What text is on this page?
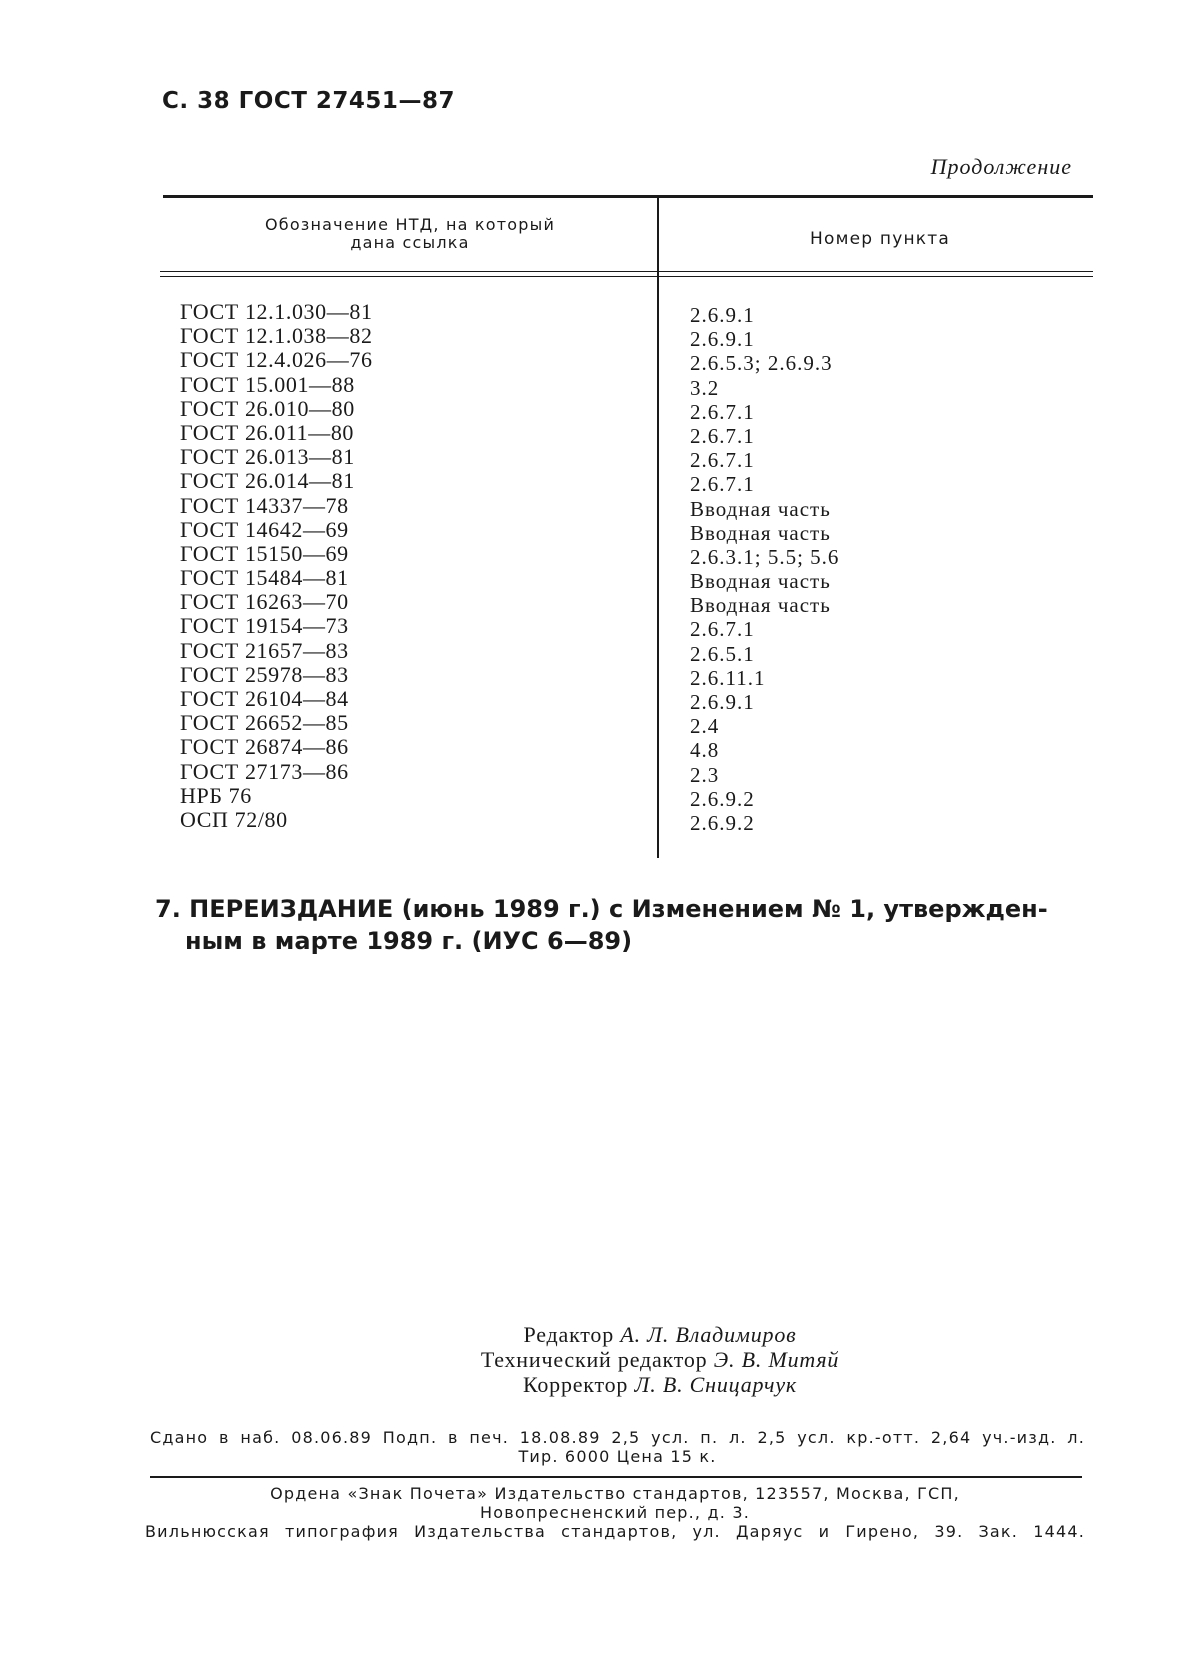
С. 38 ГОСТ 27451—87
Продолжение
Обозначение НТД, на который
дана ссылка	Номер пункта
ГОСТ 12.1.030—81
ГОСТ 12.1.038—82
ГОСТ 12.4.026—76
ГОСТ 15.001—88
ГОСТ 26.010—80
ГОСТ 26.011—80
ГОСТ 26.013—81
ГОСТ 26.014—81
ГОСТ 14337—78
ГОСТ 14642—69
ГОСТ 15150—69
ГОСТ 15484—81
ГОСТ 16263—70
ГОСТ 19154—73
ГОСТ 21657—83
ГОСТ 25978—83
ГОСТ 26104—84
ГОСТ 26652—85
ГОСТ 26874—86
ГОСТ 27173—86
НРБ 76
ОСП 72/80
2.6.9.1
2.6.9.1
2.6.5.3; 2.6.9.3
3.2
2.6.7.1
2.6.7.1
2.6.7.1
2.6.7.1
Вводная часть
Вводная часть
2.6.3.1; 5.5; 5.6
Вводная часть
Вводная часть
2.6.7.1
2.6.5.1
2.6.11.1
2.6.9.1
2.4
4.8
2.3
2.6.9.2
2.6.9.2
7. ПЕРЕИЗДАНИЕ (июнь 1989 г.) с Изменением № 1, утвержден-
ным в марте 1989 г. (ИУС 6—89)
Редактор А. Л. Владимиров
Технический редактор Э. В. Митяй
Корректор Л. В. Сницарчук
Сдано в наб. 08.06.89 Подп. в печ. 18.08.89 2,5 усл. п. л. 2,5 усл. кр.-отт. 2,64 уч.-изд. л.
Тир. 6000 Цена 15 к.
Ордена «Знак Почета» Издательство стандартов, 123557, Москва, ГСП,
Новопресненский пер., д. 3.
Вильнюсская типография Издательства стандартов, ул. Даряус и Гирено, 39. Зак. 1444.
